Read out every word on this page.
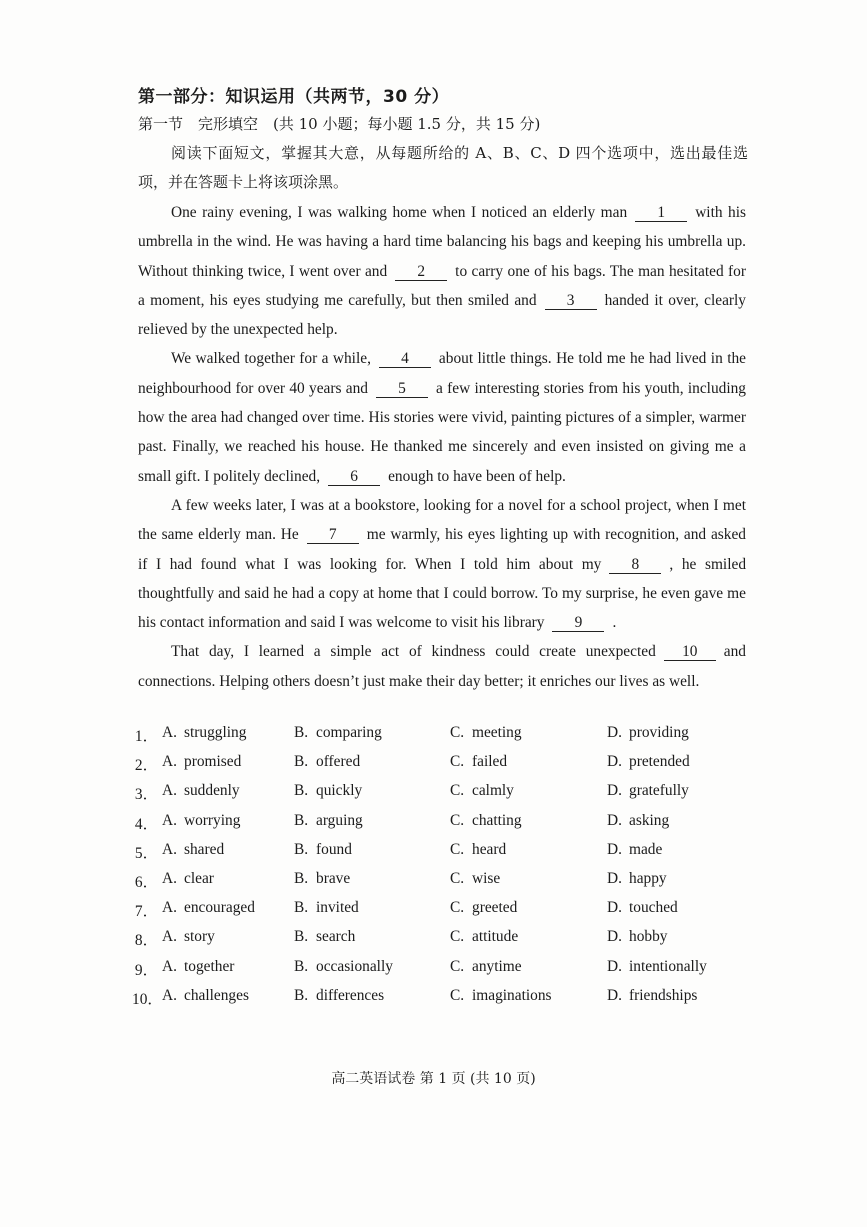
第一部分：知识运用（共两节，30 分）
第一节　完形填空　(共 10 小题；每小题 1.5 分，共 15 分)
阅读下面短文，掌握其大意，从每题所给的 A、B、C、D 四个选项中，选出最佳选项，并在答题卡上将该项涂黑。

One rainy evening, I was walking home when I noticed an elderly man 1 with his umbrella in the wind. He was having a hard time balancing his bags and keeping his umbrella up. Without thinking twice, I went over and 2 to carry one of his bags. The man hesitated for a moment, his eyes studying me carefully, but then smiled and 3 handed it over, clearly relieved by the unexpected help.

We walked together for a while, 4 about little things. He told me he had lived in the neighbourhood for over 40 years and 5 a few interesting stories from his youth, including how the area had changed over time. His stories were vivid, painting pictures of a simpler, warmer past. Finally, we reached his house. He thanked me sincerely and even insisted on giving me a small gift. I politely declined, 6 enough to have been of help.

A few weeks later, I was at a bookstore, looking for a novel for a school project, when I met the same elderly man. He 7 me warmly, his eyes lighting up with recognition, and asked if I had found what I was looking for. When I told him about my 8 , he smiled thoughtfully and said he had a copy at home that I could borrow. To my surprise, he even gave me his contact information and said I was welcome to visit his library 9 .

That day, I learned a simple act of kindness could create unexpected 10 and connections. Helping others doesn’t just make their day better; it enriches our lives as well.

1． A. struggling	B. comparing	C. meeting	D. providing
2． A. promised	B. offered	C. failed	D. pretended
3． A. suddenly	B. quickly	C. calmly	D. gratefully
4． A. worrying	B. arguing	C. chatting	D. asking
5． A. shared	B. found	C. heard	D. made
6． A. clear	B. brave	C. wise	D. happy
7． A. encouraged	B. invited	C. greeted	D. touched
8． A. story	B. search	C. attitude	D. hobby
9． A. together	B. occasionally	C. anytime	D. intentionally
10． A. challenges	B. differences	C. imaginations	D. friendships
高二英语试卷 第 1 页 (共 10 页)
